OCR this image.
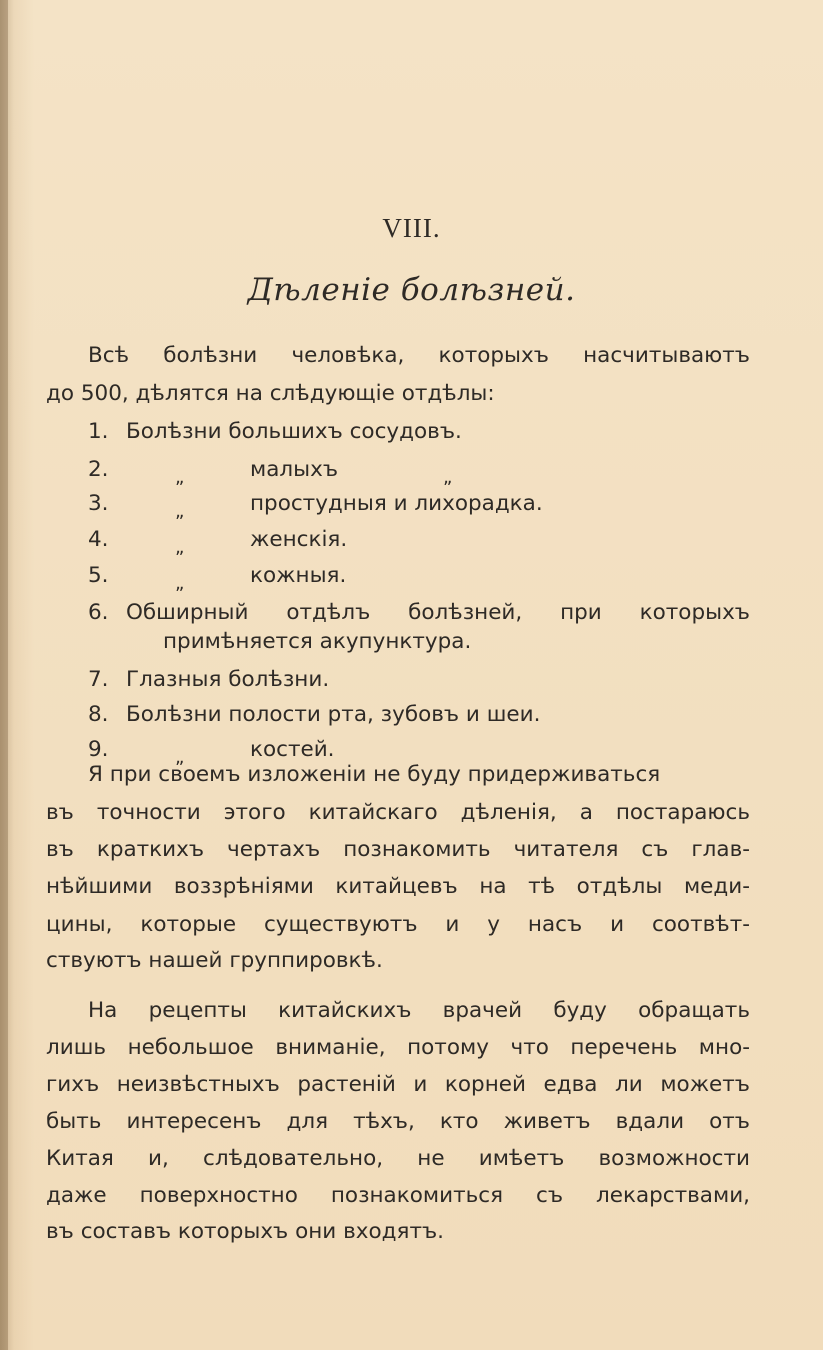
VIII.
Дѣленіе болѣзней.
Всѣ болѣзни человѣка, которыхъ насчитываютъ
до 500, дѣлятся на слѣдующіе отдѣлы:
1. Болѣзни большихъ сосудовъ.
2.	„	малыхъ	„
3.	„	простудныя и лихорадка.
4.	„	женскія.
5.	„	кожныя.
6. Обширный отдѣлъ болѣзней, при которыхъ
примѣняется акупунктура.
7. Глазныя болѣзни.
8. Болѣзни полости рта, зубовъ и шеи.
9.	„	костей.
Я при своемъ изложеніи не буду придерживаться
въ точности этого китайскаго дѣленія, а постараюсь
въ краткихъ чертахъ познакомить читателя съ глав-
нѣйшими воззрѣніями китайцевъ на тѣ отдѣлы меди-
цины, которые существуютъ и у насъ и соотвѣт-
ствуютъ нашей группировкѣ.
На рецепты китайскихъ врачей буду обращать
лишь небольшое вниманіе, потому что перечень мно-
гихъ неизвѣстныхъ растеній и корней едва ли можетъ
быть интересенъ для тѣхъ, кто живетъ вдали отъ
Китая и, слѣдовательно, не имѣетъ возможности
даже поверхностно познакомиться съ лекарствами,
въ составъ которыхъ они входятъ.
